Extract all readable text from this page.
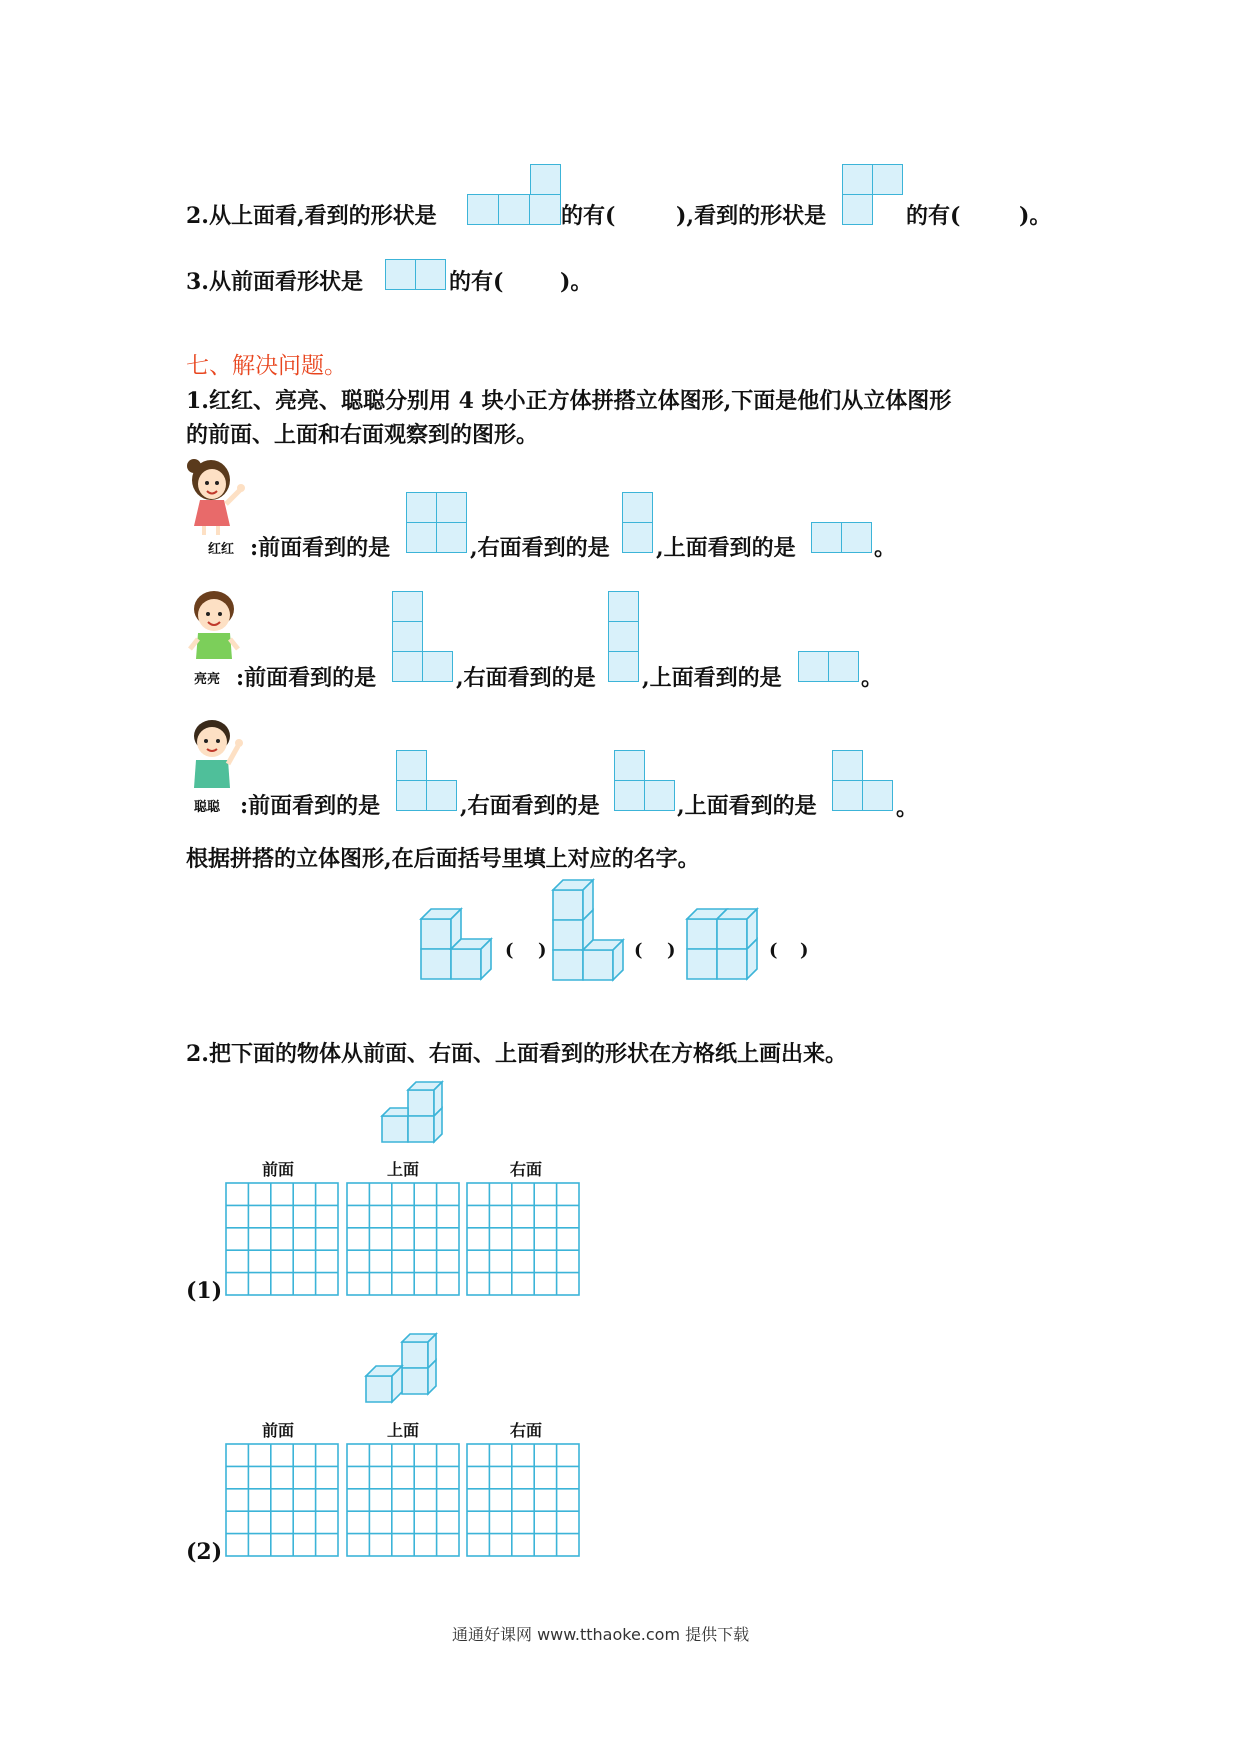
2.从上面看,看到的形状是	的有(	),看到的形状是	的有(	)。
3.从前面看形状是	的有(	)。
七、解决问题。
1.红红、亮亮、聪聪分别用 4 块小正方体拼搭立体图形,下面是他们从立体图形
的前面、上面和右面观察到的图形。
红红 :前面看到的是	,右面看到的是 ,上面看到的是	。
亮亮 :前面看到的是	,右面看到的是 ,上面看到的是	。
聪聪 :前面看到的是	,右面看到的是	,上面看到的是	。
根据拼搭的立体图形,在后面括号里填上对应的名字。
( )	( )	( )
2.把下面的物体从前面、右面、上面看到的形状在方格纸上画出来。
前面	上面	右面
(1)
前面	上面	右面
(2)
通通好课网 www.tthaoke.com 提供下载
